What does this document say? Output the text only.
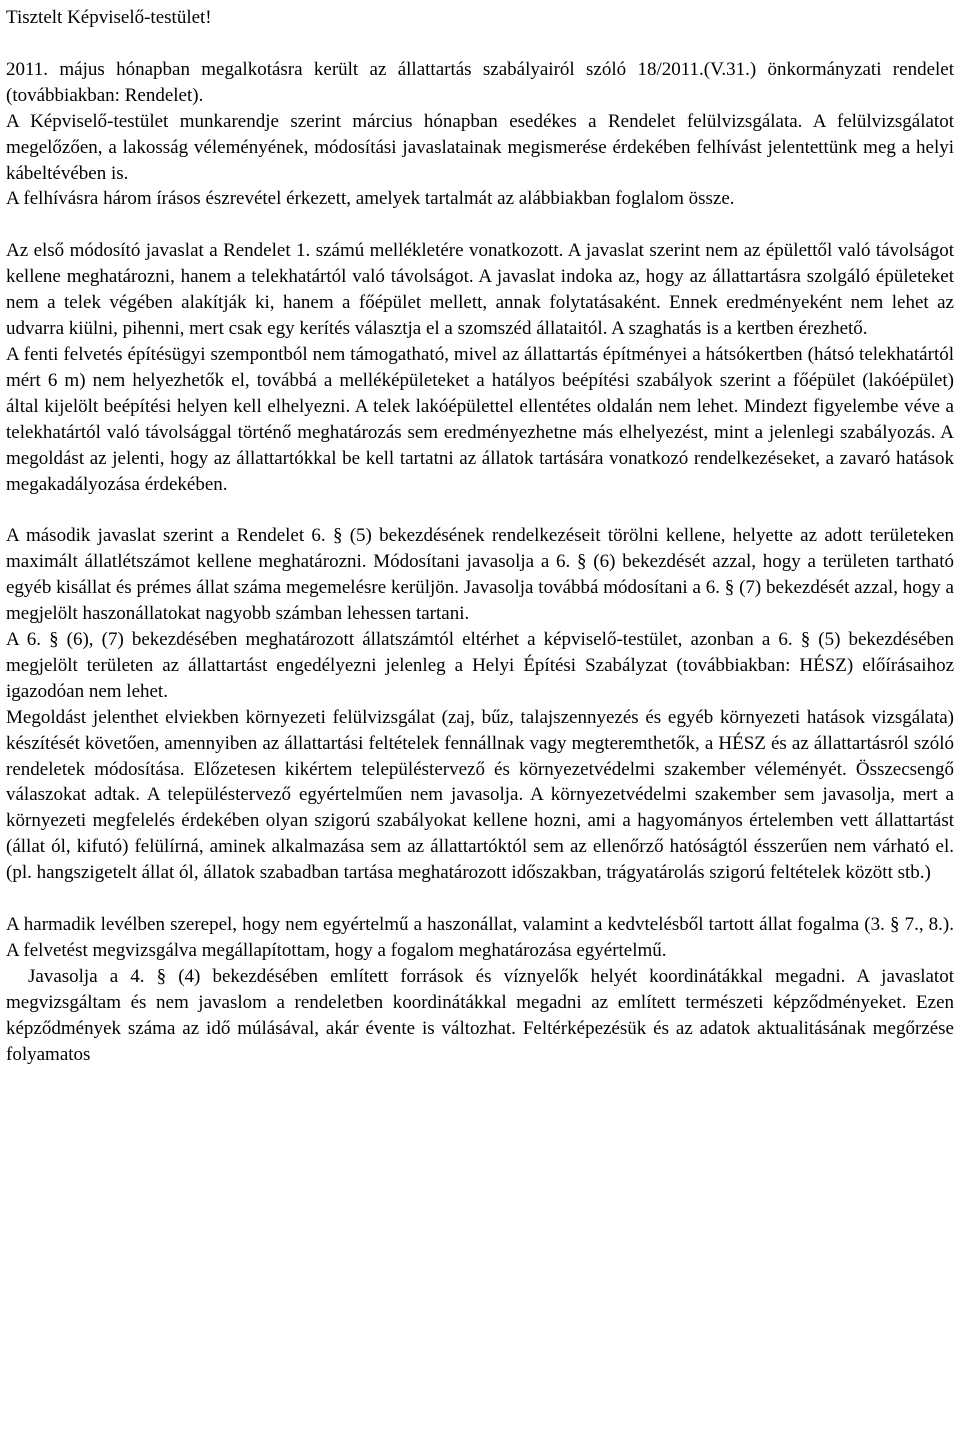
Tisztelt Képviselő-testület!

2011. május hónapban megalkotásra került az állattartás szabályairól szóló 18/2011.(V.31.) önkormányzati rendelet (továbbiakban: Rendelet).

A Képviselő-testület munkarendje szerint március hónapban esedékes a Rendelet felülvizsgálata. A felülvizsgálatot megelőzően, a lakosság véleményének, módosítási javaslatainak megismerése érdekében felhívást jelentettünk meg a helyi kábeltévében is.

A felhívásra három írásos észrevétel érkezett, amelyek tartalmát az alábbiakban foglalom össze.

Az első módosító javaslat a Rendelet 1. számú mellékletére vonatkozott. A javaslat szerint nem az épülettől való távolságot kellene meghatározni, hanem a telekhatártól való távolságot. A javaslat indoka az, hogy az állattartásra szolgáló épületeket nem a telek végében alakítják ki, hanem a főépület mellett, annak folytatásaként. Ennek eredményeként nem lehet az udvarra kiülni, pihenni, mert csak egy kerítés választja el a szomszéd állataitól. A szaghatás is a kertben érezhető.

A fenti felvetés építésügyi szempontból nem támogatható, mivel az állattartás építményei a hátsókertben (hátsó telekhatártól mért 6 m) nem helyezhetők el, továbbá a melléképületeket a hatályos beépítési szabályok szerint a főépület (lakóépület) által kijelölt beépítési helyen kell elhelyezni. A telek lakóépülettel ellentétes oldalán nem lehet. Mindezt figyelembe véve a telekhatártól való távolsággal történő meghatározás sem eredményezhetne más elhelyezést, mint a jelenlegi szabályozás. A megoldást az jelenti, hogy az állattartókkal be kell tartatni az állatok tartására vonatkozó rendelkezéseket, a zavaró hatások megakadályozása érdekében.

A második javaslat szerint a Rendelet 6. § (5) bekezdésének rendelkezéseit törölni kellene, helyette az adott területeken maximált állatlétszámot kellene meghatározni. Módosítani javasolja a 6. § (6) bekezdését azzal, hogy a területen tartható egyéb kisállat és prémes állat száma megemelésre kerüljön. Javasolja továbbá módosítani a 6. § (7) bekezdését azzal, hogy a megjelölt haszonállatokat nagyobb számban lehessen tartani.

A 6. § (6), (7) bekezdésében meghatározott állatszámtól eltérhet a képviselő-testület, azonban a 6. § (5) bekezdésében megjelölt területen az állattartást engedélyezni jelenleg a Helyi Építési Szabályzat (továbbiakban: HÉSZ) előírásaihoz igazodóan nem lehet.

Megoldást jelenthet elviekben környezeti felülvizsgálat (zaj, bűz, talajszennyezés és egyéb környezeti hatások vizsgálata) készítését követően, amennyiben az állattartási feltételek fennállnak vagy megteremthetők, a HÉSZ és az állattartásról szóló rendeletek módosítása. Előzetesen kikértem településtervező és környezetvédelmi szakember véleményét. Összecsengő válaszokat adtak. A településtervező egyértelműen nem javasolja. A környezetvédelmi szakember sem javasolja, mert a környezeti megfelelés érdekében olyan szigorú szabályokat kellene hozni, ami a hagyományos értelemben vett állattartást (állat ól, kifutó) felülírná, aminek alkalmazása sem az állattartóktól sem az ellenőrző hatóságtól ésszerűen nem várható el. (pl. hangszigetelt állat ól, állatok szabadban tartása meghatározott időszakban, trágyatárolás szigorú feltételek között stb.)

A harmadik levélben szerepel, hogy nem egyértelmű a haszonállat, valamint a kedvtelésből tartott állat fogalma (3. § 7., 8.). A felvetést megvizsgálva megállapítottam, hogy a fogalom meghatározása egyértelmű.

Javasolja a 4. § (4) bekezdésében említett források és víznyelők helyét koordinátákkal megadni. A javaslatot megvizsgáltam és nem javaslom a rendeletben koordinátákkal megadni az említett természeti képződményeket. Ezen képződmények száma az idő múlásával, akár évente is változhat. Feltérképezésük és az adatok aktualitásának megőrzése folyamatos
